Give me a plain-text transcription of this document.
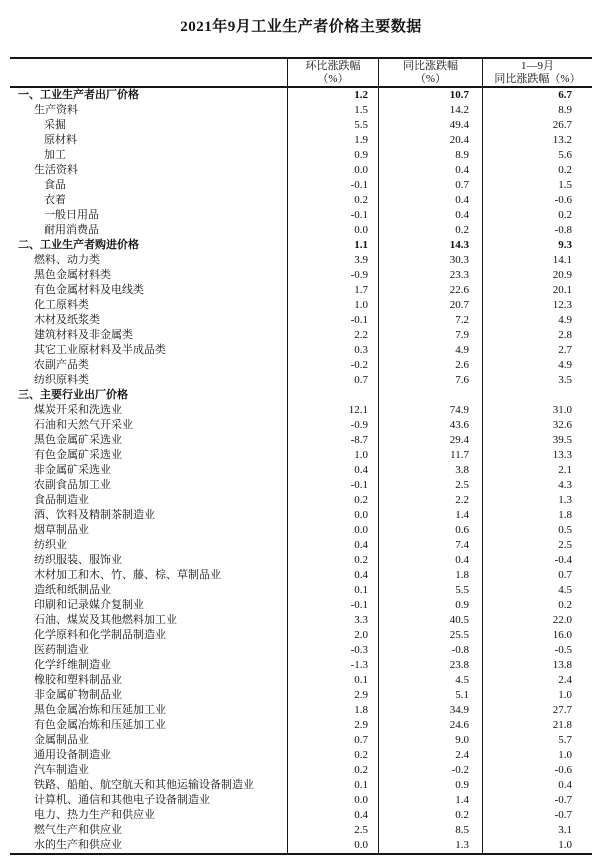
2021年9月工业生产者价格主要数据
环比涨跌幅
（%）
同比涨跌幅
（%）
1—9月
同比涨跌幅（%）
一、工业生产者出厂价格	1.2	10.7	6.7
生产资料	1.5	14.2	8.9
采掘	5.5	49.4	26.7
原材料	1.9	20.4	13.2
加工	0.9	8.9	5.6
生活资料	0.0	0.4	0.2
食品	-0.1	0.7	1.5
衣着	0.2	0.4	-0.6
一般日用品	-0.1	0.4	0.2
耐用消费品	0.0	0.2	-0.8
二、工业生产者购进价格	1.1	14.3	9.3
燃料、动力类	3.9	30.3	14.1
黑色金属材料类	-0.9	23.3	20.9
有色金属材料及电线类	1.7	22.6	20.1
化工原料类	1.0	20.7	12.3
木材及纸浆类	-0.1	7.2	4.9
建筑材料及非金属类	2.2	7.9	2.8
其它工业原材料及半成品类	0.3	4.9	2.7
农副产品类	-0.2	2.6	4.9
纺织原料类	0.7	7.6	3.5
三、主要行业出厂价格
煤炭开采和洗选业	12.1	74.9	31.0
石油和天然气开采业	-0.9	43.6	32.6
黑色金属矿采选业	-8.7	29.4	39.5
有色金属矿采选业	1.0	11.7	13.3
非金属矿采选业	0.4	3.8	2.1
农副食品加工业	-0.1	2.5	4.3
食品制造业	0.2	2.2	1.3
酒、饮料及精制茶制造业	0.0	1.4	1.8
烟草制品业	0.0	0.6	0.5
纺织业	0.4	7.4	2.5
纺织服装、服饰业	0.2	0.4	-0.4
木材加工和木、竹、藤、棕、草制品业	0.4	1.8	0.7
造纸和纸制品业	0.1	5.5	4.5
印刷和记录媒介复制业	-0.1	0.9	0.2
石油、煤炭及其他燃料加工业	3.3	40.5	22.0
化学原料和化学制品制造业	2.0	25.5	16.0
医药制造业	-0.3	-0.8	-0.5
化学纤维制造业	-1.3	23.8	13.8
橡胶和塑料制品业	0.1	4.5	2.4
非金属矿物制品业	2.9	5.1	1.0
黑色金属冶炼和压延加工业	1.8	34.9	27.7
有色金属冶炼和压延加工业	2.9	24.6	21.8
金属制品业	0.7	9.0	5.7
通用设备制造业	0.2	2.4	1.0
汽车制造业	0.2	-0.2	-0.6
铁路、船舶、航空航天和其他运输设备制造业	0.1	0.9	0.4
计算机、通信和其他电子设备制造业	0.0	1.4	-0.7
电力、热力生产和供应业	0.4	0.2	-0.7
燃气生产和供应业	2.5	8.5	3.1
水的生产和供应业	0.0	1.3	1.0
